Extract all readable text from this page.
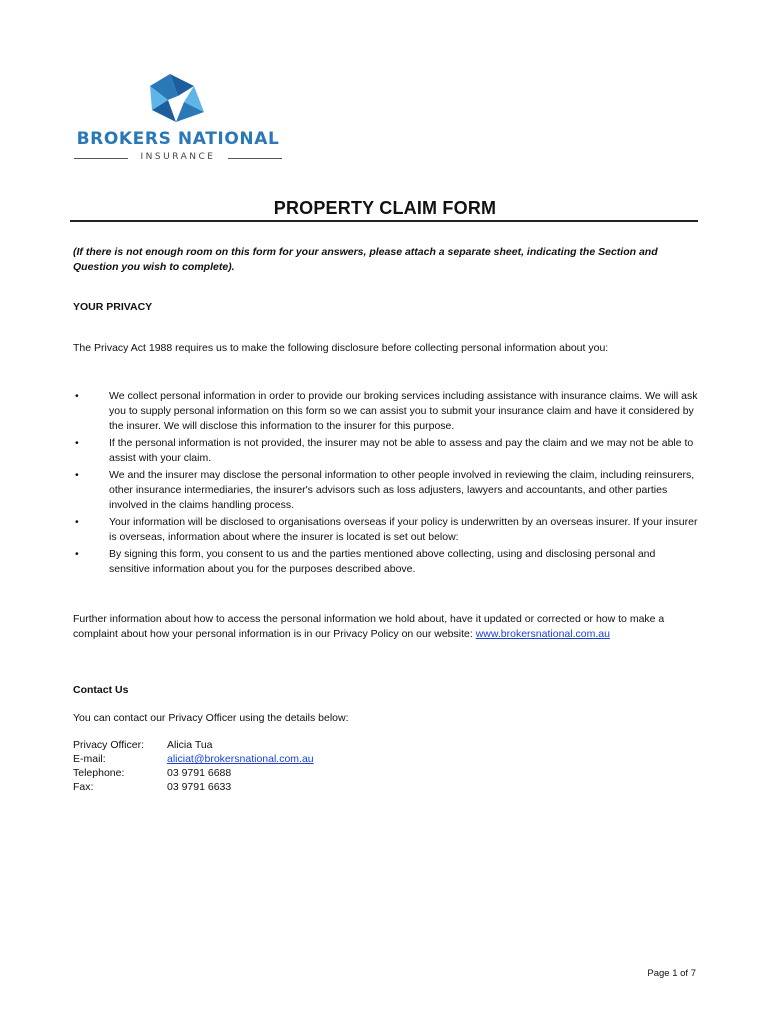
BROKERS NATIONAL
INSURANCE
PROPERTY CLAIM FORM
(If there is not enough room on this form for your answers, please attach a separate sheet, indicating the Section and Question you wish to complete).
YOUR PRIVACY
The Privacy Act 1988 requires us to make the following disclosure before collecting personal information about you:
•	We collect personal information in order to provide our broking services including assistance with insurance claims. We will ask you to supply personal information on this form so we can assist you to submit your insurance claim and have it considered by the insurer. We will disclose this information to the insurer for this purpose.
•	If the personal information is not provided, the insurer may not be able to assess and pay the claim and we may not be able to assist with your claim.
•	We and the insurer may disclose the personal information to other people involved in reviewing the claim, including reinsurers, other insurance intermediaries, the insurer's advisors such as loss adjusters, lawyers and accountants, and other parties involved in the claims handling process.
•	Your information will be disclosed to organisations overseas if your policy is underwritten by an overseas insurer. If your insurer is overseas, information about where the insurer is located is set out below:
•	By signing this form, you consent to us and the parties mentioned above collecting, using and disclosing personal and sensitive information about you for the purposes described above.
Further information about how to access the personal information we hold about, have it updated or corrected or how to make a complaint about how your personal information is in our Privacy Policy on our website: www.brokersnational.com.au
Contact Us
You can contact our Privacy Officer using the details below:
Privacy Officer:	Alicia Tua
E-mail:	aliciat@brokersnational.com.au
Telephone:	03 9791 6688
Fax:	03 9791 6633
Page 1 of 7
